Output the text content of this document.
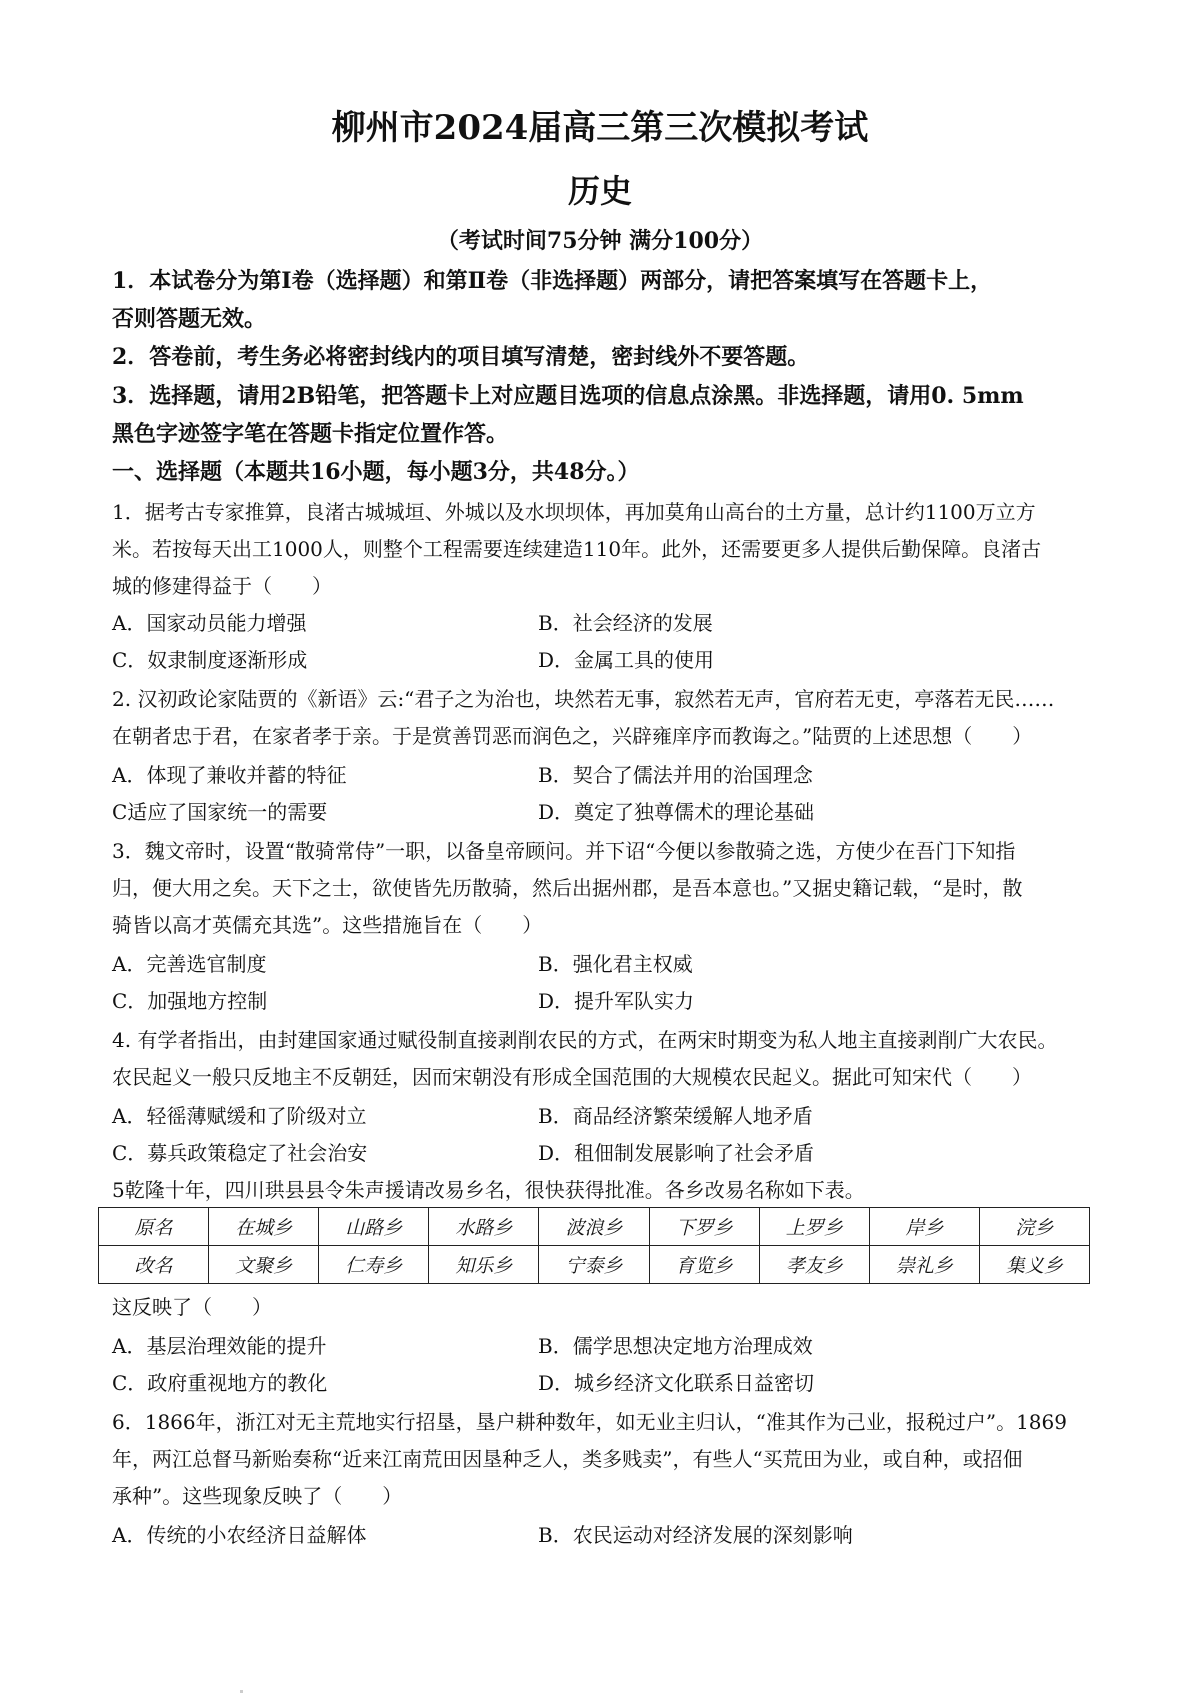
柳州市2024届高三第三次模拟考试
历史
（考试时间75分钟 满分100分）
1．本试卷分为第I卷（选择题）和第Ⅱ卷（非选择题）两部分，请把答案填写在答题卡上，
否则答题无效。
2．答卷前，考生务必将密封线内的项目填写清楚，密封线外不要答题。
3．选择题，请用2B铅笔，把答题卡上对应题目选项的信息点涂黑。非选择题，请用0. 5mm
黑色字迹签字笔在答题卡指定位置作答。
一、选择题（本题共16小题，每小题3分，共48分。）
1．据考古专家推算，良渚古城城垣、外城以及水坝坝体，再加莫角山高台的土方量，总计约1100万立方
米。若按每天出工1000人，则整个工程需要连续建造110年。此外，还需要更多人提供后勤保障。良渚古
城的修建得益于（　　）
A．国家动员能力增强	B．社会经济的发展
C．奴隶制度逐渐形成	D．金属工具的使用
2. 汉初政论家陆贾的《新语》云:“君子之为治也，块然若无事，寂然若无声，官府若无吏，亭落若无民……
在朝者忠于君，在家者孝于亲。于是赏善罚恶而润色之，兴辟雍庠序而教诲之。”陆贾的上述思想（　　）
A．体现了兼收并蓄的特征	B．契合了儒法并用的治国理念
C适应了国家统一的需要	D．奠定了独尊儒术的理论基础
3．魏文帝时，设置“散骑常侍”一职，以备皇帝顾问。并下诏“今便以参散骑之选，方使少在吾门下知指
归，便大用之矣。天下之士，欲使皆先历散骑，然后出据州郡，是吾本意也。”又据史籍记载，“是时，散
骑皆以高才英儒充其选”。这些措施旨在（　　）
A．完善选官制度	B．强化君主权威
C．加强地方控制	D．提升军队实力
4. 有学者指出，由封建国家通过赋役制直接剥削农民的方式，在两宋时期变为私人地主直接剥削广大农民。
农民起义一般只反地主不反朝廷，因而宋朝没有形成全国范围的大规模农民起义。据此可知宋代（　　）
A．轻徭薄赋缓和了阶级对立	B．商品经济繁荣缓解人地矛盾
C．募兵政策稳定了社会治安	D．租佃制发展影响了社会矛盾
5乾隆十年，四川珙县县令朱声援请改易乡名，很快获得批准。各乡改易名称如下表。
原名	在城乡	山路乡	水路乡	波浪乡	下罗乡	上罗乡	岸乡	浣乡
改名	文聚乡	仁寿乡	知乐乡	宁泰乡	育览乡	孝友乡	崇礼乡	集义乡
这反映了（　　）
A．基层治理效能的提升	B．儒学思想决定地方治理成效
C．政府重视地方的教化	D．城乡经济文化联系日益密切
6．1866年，浙江对无主荒地实行招垦，垦户耕种数年，如无业主归认，“准其作为己业，报税过户”。1869
年，两江总督马新贻奏称“近来江南荒田因垦种乏人，类多贱卖”，有些人“买荒田为业，或自种，或招佃
承种”。这些现象反映了（　　）
A．传统的小农经济日益解体	B．农民运动对经济发展的深刻影响
